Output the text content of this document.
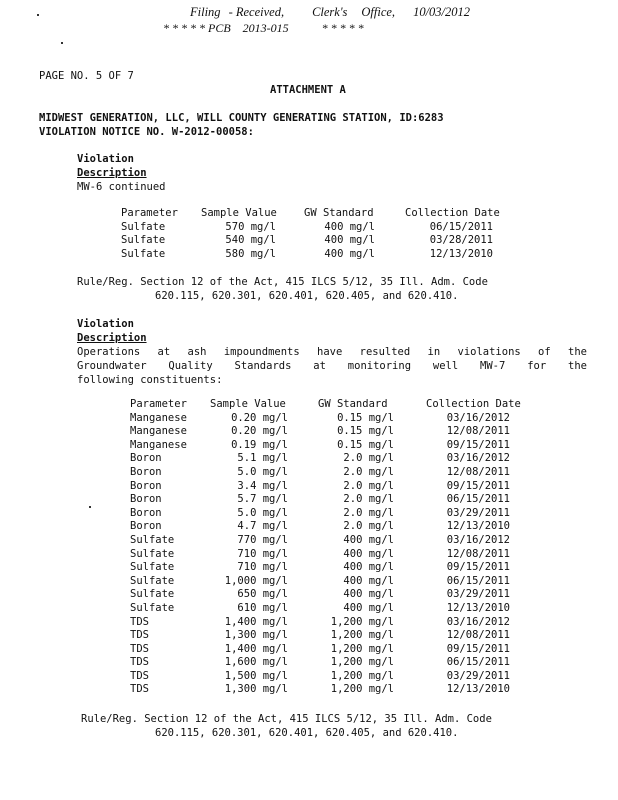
Filing - Received, Clerk's Office, 10/03/2012
* * * * * PCB    2013-015           * * * * *
PAGE NO. 5 OF 7
ATTACHMENT A
MIDWEST GENERATION, LLC, WILL COUNTY GENERATING STATION, ID:6283
VIOLATION NOTICE NO. W-2012-00058:
Violation
Description
MW-6 continued
Parameter	Sample Value	GW Standard	Collection Date
Sulfate	570 mg/l	400 mg/l	06/15/2011
Sulfate	540 mg/l	400 mg/l	03/28/2011
Sulfate	580 mg/l	400 mg/l	12/13/2010
Rule/Reg. Section 12 of the Act, 415 ILCS 5/12, 35 Ill. Adm. Code
620.115, 620.301, 620.401, 620.405, and 620.410.
Violation
Description
Operations at ash impoundments have resulted in violations of the
Groundwater Quality Standards at monitoring well MW-7 for the
following constituents:
Parameter	Sample Value	GW Standard	Collection Date
Manganese	0.20 mg/l	0.15 mg/l	03/16/2012
Manganese	0.20 mg/l	0.15 mg/l	12/08/2011
Manganese	0.19 mg/l	0.15 mg/l	09/15/2011
Boron	5.1 mg/l	2.0 mg/l	03/16/2012
Boron	5.0 mg/l	2.0 mg/l	12/08/2011
Boron	3.4 mg/l	2.0 mg/l	09/15/2011
Boron	5.7 mg/l	2.0 mg/l	06/15/2011
Boron	5.0 mg/l	2.0 mg/l	03/29/2011
Boron	4.7 mg/l	2.0 mg/l	12/13/2010
Sulfate	770 mg/l	400 mg/l	03/16/2012
Sulfate	710 mg/l	400 mg/l	12/08/2011
Sulfate	710 mg/l	400 mg/l	09/15/2011
Sulfate	1,000 mg/l	400 mg/l	06/15/2011
Sulfate	650 mg/l	400 mg/l	03/29/2011
Sulfate	610 mg/l	400 mg/l	12/13/2010
TDS	1,400 mg/l	1,200 mg/l	03/16/2012
TDS	1,300 mg/l	1,200 mg/l	12/08/2011
TDS	1,400 mg/l	1,200 mg/l	09/15/2011
TDS	1,600 mg/l	1,200 mg/l	06/15/2011
TDS	1,500 mg/l	1,200 mg/l	03/29/2011
TDS	1,300 mg/l	1,200 mg/l	12/13/2010
Rule/Reg. Section 12 of the Act, 415 ILCS 5/12, 35 Ill. Adm. Code
620.115, 620.301, 620.401, 620.405, and 620.410.
